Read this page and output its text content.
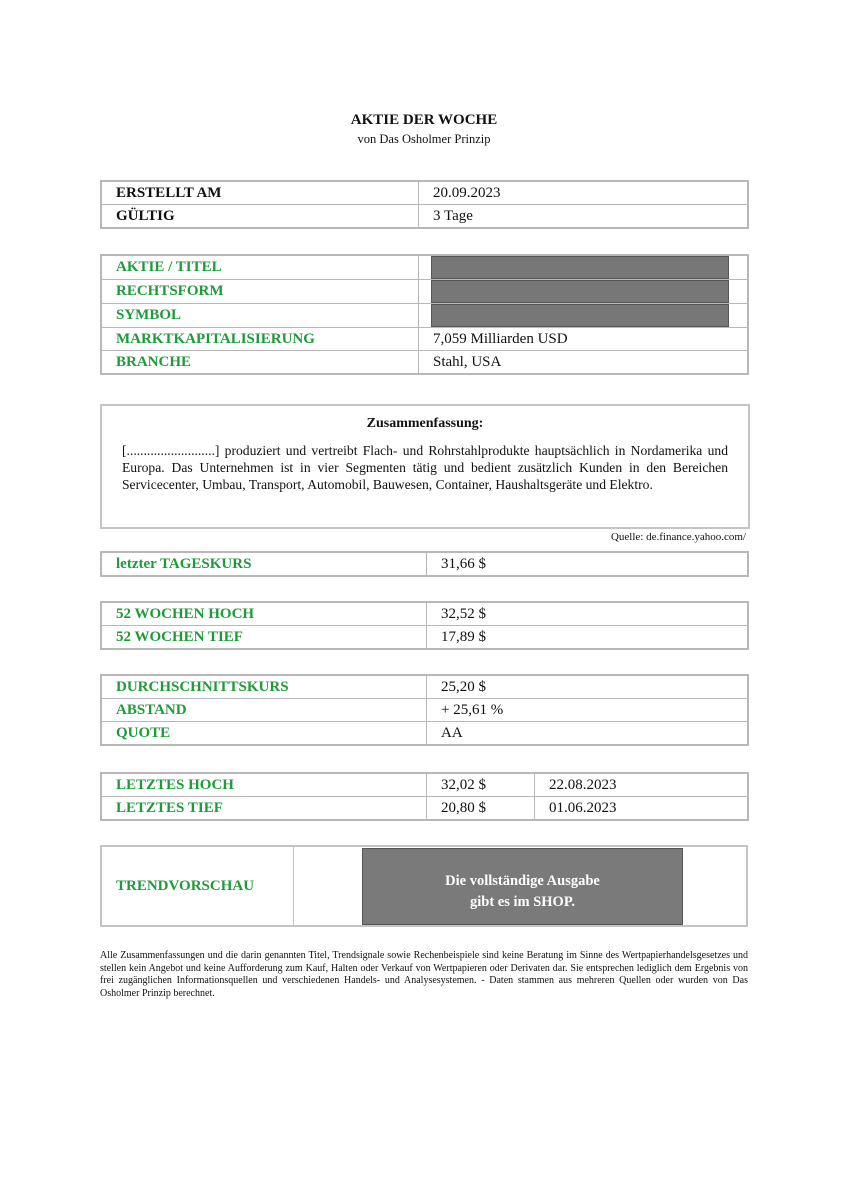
AKTIE DER WOCHE
von Das Osholmer Prinzip
ERSTELLT AM	20.09.2023
GÜLTIG	3 Tage
AKTIE / TITEL	

RECHTSFORM	

SYMBOL	

MARKTKAPITALISIERUNG	7,059 Milliarden USD
BRANCHE	Stahl, USA
Zusammenfassung:
[..........................] produziert und vertreibt Flach- und Rohrstahlprodukte hauptsächlich in Nordamerika und Europa. Das Unternehmen ist in vier Segmenten tätig und bedient zusätzlich Kunden in den Bereichen Servicecenter, Umbau, Transport, Automobil, Bauwesen, Container, Haushaltsgeräte und Elektro.
Quelle: de.finance.yahoo.com/
letzter TAGESKURS	31,66 $
52 WOCHEN HOCH	32,52 $
52 WOCHEN TIEF	17,89 $
DURCHSCHNITTSKURS	25,20 $
ABSTAND	+ 25,61 %
QUOTE	AA
LETZTES HOCH	32,02 $	22.08.2023
LETZTES TIEF	20,80 $	01.06.2023
TRENDVORSCHAU	Die vollständige Ausgabe
gibt es im SHOP.
Alle Zusammenfassungen und die darin genannten Titel, Trendsignale sowie Rechenbeispiele sind keine Beratung im Sinne des Wertpapierhandelsgesetzes und stellen kein Angebot und keine Aufforderung zum Kauf, Halten oder Verkauf von Wertpapieren oder Derivaten dar. Sie entsprechen lediglich dem Ergebnis von frei zugänglichen Informationsquellen und verschiedenen Handels- und Analysesystemen. - Daten stammen aus mehreren Quellen oder wurden von Das Osholmer Prinzip berechnet.
